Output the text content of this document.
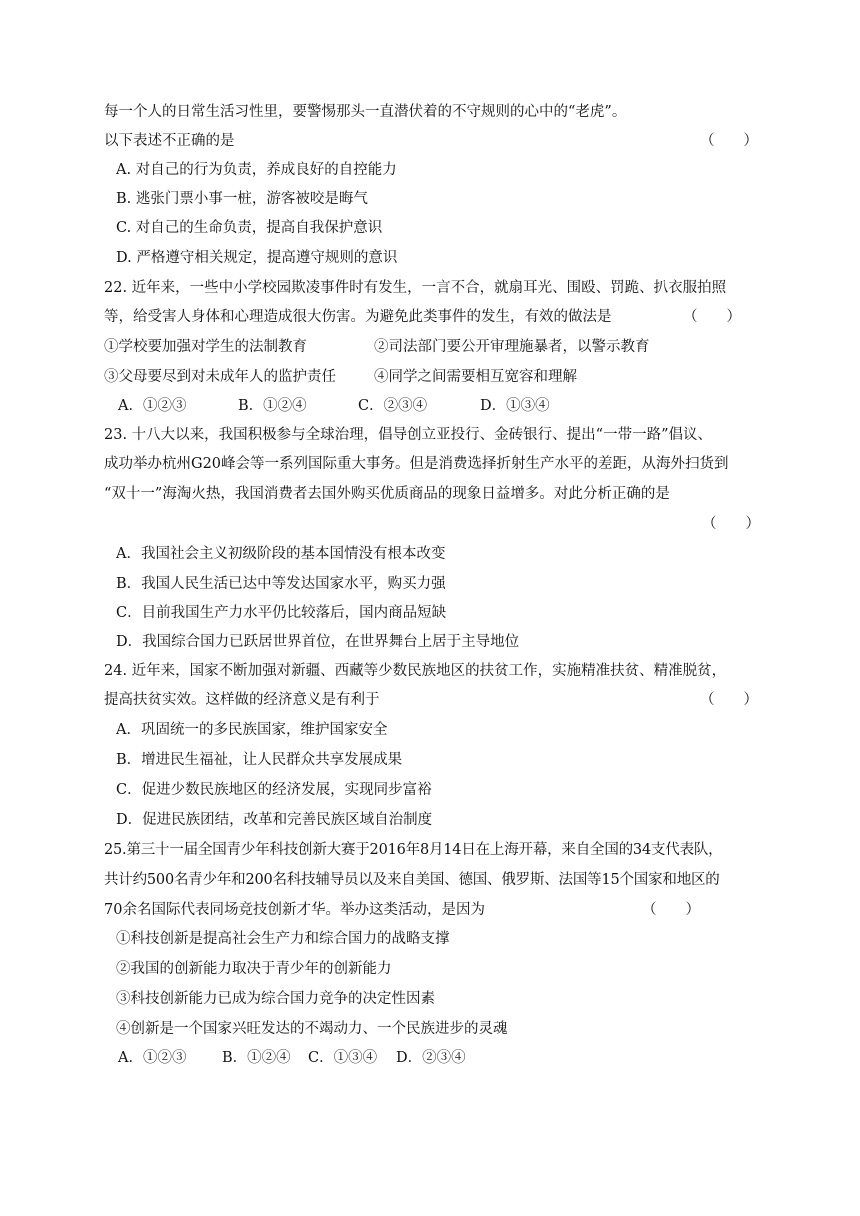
每一个人的日常生活习性里，要警惕那头一直潜伏着的不守规则的心中的“老虎”。
以下表述不正确的是	（　　）
A. 对自己的行为负责，养成良好的自控能力
B. 逃张门票小事一桩，游客被咬是晦气
C. 对自己的生命负责，提高自我保护意识
D. 严格遵守相关规定，提高遵守规则的意识
22. 近年来，一些中小学校园欺凌事件时有发生，一言不合，就扇耳光、围殴、罚跪、扒衣服拍照
等，给受害人身体和心理造成很大伤害。为避免此类事件的发生，有效的做法是	（　　）
①学校要加强对学生的法制教育	②司法部门要公开审理施暴者，以警示教育
③父母要尽到对未成年人的监护责任	④同学之间需要相互宽容和理解
A．①②③	B．①②④	C．②③④	D．①③④
23. 十八大以来，我国积极参与全球治理，倡导创立亚投行、金砖银行、提出“一带一路”倡议、
成功举办杭州G20峰会等一系列国际重大事务。但是消费选择折射生产水平的差距，从海外扫货到
“双十一”海淘火热，我国消费者去国外购买优质商品的现象日益增多。对此分析正确的是
（　　）
A．我国社会主义初级阶段的基本国情没有根本改变
B．我国人民生活已达中等发达国家水平，购买力强
C．目前我国生产力水平仍比较落后，国内商品短缺
D．我国综合国力已跃居世界首位，在世界舞台上居于主导地位
24. 近年来，国家不断加强对新疆、西藏等少数民族地区的扶贫工作，实施精准扶贫、精准脱贫，
提高扶贫实效。这样做的经济意义是有利于	（　　）
A．巩固统一的多民族国家，维护国家安全
B．增进民生福祉，让人民群众共享发展成果
C．促进少数民族地区的经济发展，实现同步富裕
D．促进民族团结，改革和完善民族区域自治制度
25.第三十一届全国青少年科技创新大赛于2016年8月14日在上海开幕，来自全国的34支代表队，
共计约500名青少年和200名科技辅导员以及来自美国、德国、俄罗斯、法国等15个国家和地区的
70余名国际代表同场竞技创新才华。举办这类活动，是因为	（　　）
①科技创新是提高社会生产力和综合国力的战略支撑
②我国的创新能力取决于青少年的创新能力
③科技创新能力已成为综合国力竞争的决定性因素
④创新是一个国家兴旺发达的不竭动力、一个民族进步的灵魂
A．①②③ B．①②④ C．①③④ D．②③④
